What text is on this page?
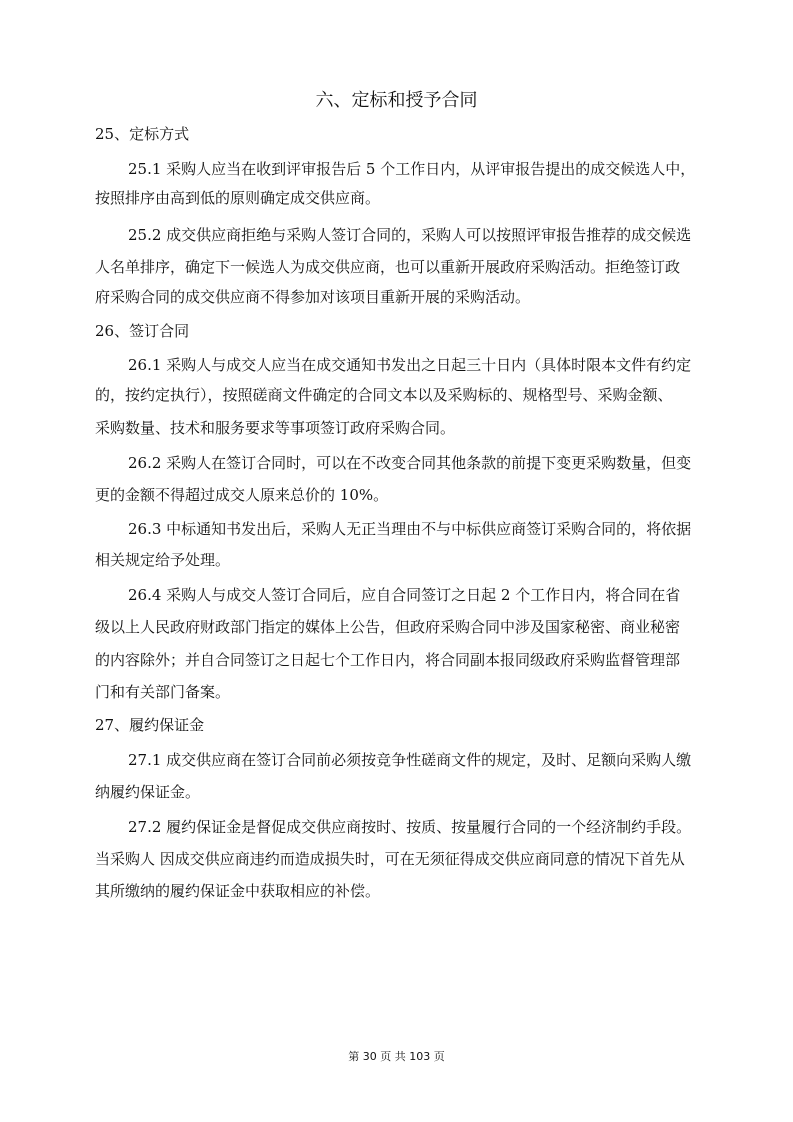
六、定标和授予合同
25、定标方式
25.1 采购人应当在收到评审报告后 5 个工作日内，从评审报告提出的成交候选人中，
按照排序由高到低的原则确定成交供应商。
25.2 成交供应商拒绝与采购人签订合同的，采购人可以按照评审报告推荐的成交候选
人名单排序，确定下一候选人为成交供应商，也可以重新开展政府采购活动。拒绝签订政
府采购合同的成交供应商不得参加对该项目重新开展的采购活动。
26、签订合同
26.1 采购人与成交人应当在成交通知书发出之日起三十日内（具体时限本文件有约定
的，按约定执行），按照磋商文件确定的合同文本以及采购标的、规格型号、采购金额、
采购数量、技术和服务要求等事项签订政府采购合同。
26.2 采购人在签订合同时，可以在不改变合同其他条款的前提下变更采购数量，但变
更的金额不得超过成交人原来总价的 10%。
26.3 中标通知书发出后，采购人无正当理由不与中标供应商签订采购合同的，将依据
相关规定给予处理。
26.4 采购人与成交人签订合同后，应自合同签订之日起 2 个工作日内，将合同在省
级以上人民政府财政部门指定的媒体上公告，但政府采购合同中涉及国家秘密、商业秘密
的内容除外；并自合同签订之日起七个工作日内，将合同副本报同级政府采购监督管理部
门和有关部门备案。
27、履约保证金
27.1 成交供应商在签订合同前必须按竞争性磋商文件的规定，及时、足额向采购人缴
纳履约保证金。
27.2 履约保证金是督促成交供应商按时、按质、按量履行合同的一个经济制约手段。
当采购人 因成交供应商违约而造成损失时，可在无须征得成交供应商同意的情况下首先从
其所缴纳的履约保证金中获取相应的补偿。
第 30 页 共 103 页
